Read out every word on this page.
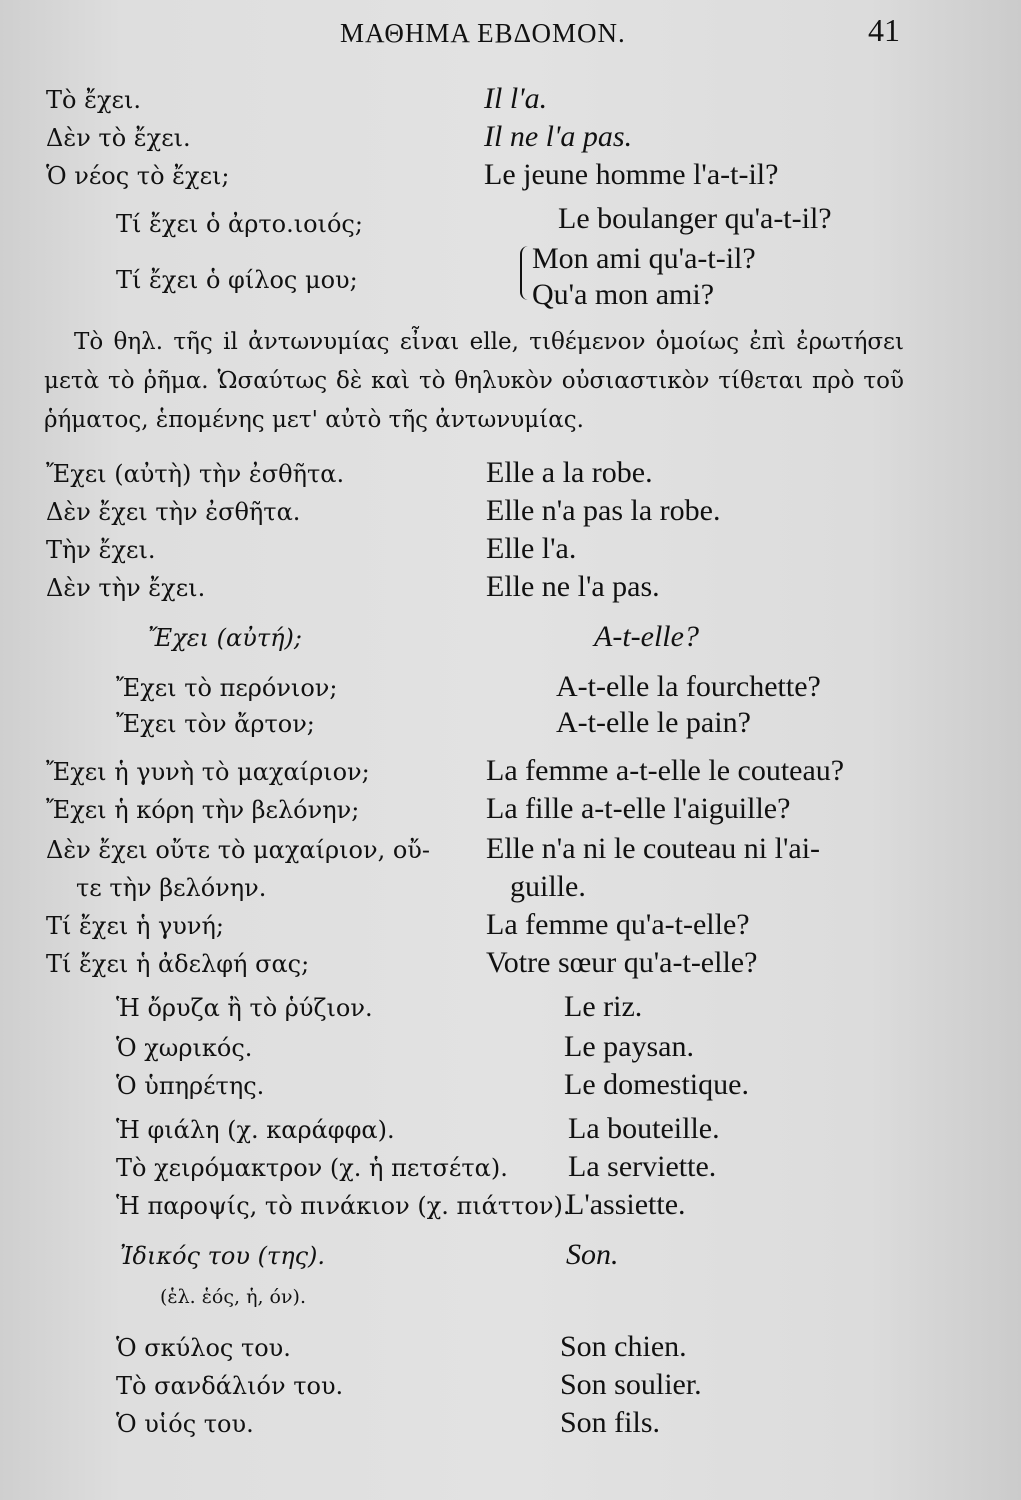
ΜΑΘΗΜΑ ΕΒΔΟΜΟΝ.	41
Τὸ ἔχει.
Δὲν τὸ ἔχει.
Ὁ νέος τὸ ἔχει;
Τί ἔχει ὁ ἀρτο.ιοιός;
Τί ἔχει ὁ φίλος μου;
Il l'a.
Il ne l'a pas.
Le jeune homme l'a-t-il?
Le boulanger qu'a-t-il?
Mon ami qu'a-t-il?
Qu'a mon ami?
Τὸ θηλ. τῆς il ἀντωνυμίας εἶναι elle, τιθέμενον ὁμοίως ἐπὶ ἐρωτήσει μετὰ τὸ ῥῆμα. Ὡσαύτως δὲ καὶ τὸ θηλυκὸν οὐσιαστικὸν τίθεται πρὸ τοῦ ῥήματος, ἑπομένης μετ' αὐτὸ τῆς ἀντωνυμίας.
Ἔχει (αὐτὴ) τὴν ἐσθῆτα.
Δὲν ἔχει τὴν ἐσθῆτα.
Τὴν ἔχει.
Δὲν τὴν ἔχει.
Ἔχει (αὐτή);
Ἔχει τὸ περόνιον;
Ἔχει τὸν ἄρτον;
Ἔχει ἡ γυνὴ τὸ μαχαίριον;
Ἔχει ἡ κόρη τὴν βελόνην;
Δὲν ἔχει οὔτε τὸ μαχαίριον, οὔ-
τε τὴν βελόνην.
Τί ἔχει ἡ γυνή;
Τί ἔχει ἡ ἀδελφή σας;
Elle a la robe.
Elle n'a pas la robe.
Elle l'a.
Elle ne l'a pas.
A-t-elle?
A-t-elle la fourchette?
A-t-elle le pain?
La femme a-t-elle le couteau?
La fille a-t-elle l'aiguille?
Elle n'a ni le couteau ni l'ai-
guille.
La femme qu'a-t-elle?
Votre sœur qu'a-t-elle?
Ἡ ὄρυζα ἢ τὸ ῥύζιον.
Ὁ χωρικός.
Ὁ ὑπηρέτης.
Ἡ φιάλη (χ. καράφφα).
Τὸ χειρόμακτρον (χ. ἡ πετσέτα).
Ἡ παροψίς, τὸ πινάκιον (χ. πιάττον).
Le riz.
Le paysan.
Le domestique.
La bouteille.
La serviette.
L'assiette.
Ἰδικός του (της).
(ἑλ. ἑός, ἡ, όν).
Son.
Ὁ σκύλος του.
Τὸ σανδάλιόν του.
Ὁ υἱός του.
Son chien.
Son soulier.
Son fils.
